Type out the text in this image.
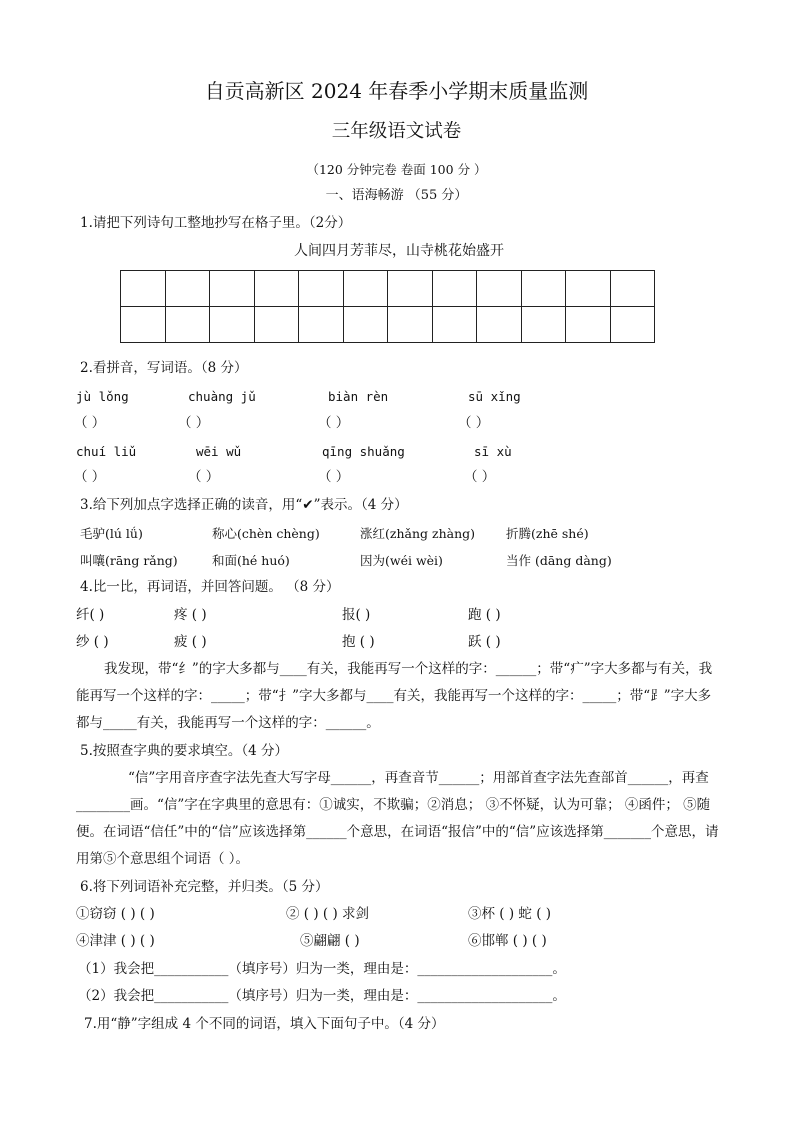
自贡高新区 2024 年春季小学期末质量监测
三年级语文试卷
（120 分钟完卷 卷面 100 分 ）
一、语海畅游 （55 分）
1.请把下列诗句工整地抄写在格子里。（2分）
人间四月芳菲尽，山寺桃花始盛开

2.看拼音，写词语。（8 分）
jù lǒng	chuàng jǔ	biàn rèn	sū xǐng
（ ）	（ ）	（ ）	（ ）
chuí liǔ	wēi wǔ	qīng shuǎng	sī xù
（ ）	（ ）	（ ）	（ ）
3.给下列加点字选择正确的读音，用“✔”表示。（4 分）
毛驴(lú lǘ)	称心(chèn chèng)	涨红(zhǎng zhàng) 折腾(zhē shé)
叫嚷(rāng rǎng)	和面(hé huó)	因为(wéi wèi)	当作 (dāng dàng)
4.比一比，再词语，并回答问题。 （8 分）
纤( )	疼 ( )	报( )	跑 ( )
纱 ( )	疲 ( )	抱 ( )	跃 ( )
我发现，带“纟”的字大多都与____有关，我能再写一个这样的字：______；带“疒”字大多都与有关，我能再写一个这样的字：_____；带“扌”字大多都与____有关，我能再写一个这样的字：_____；带“⻊”字大多都与_____有关，我能再写一个这样的字：______。
5.按照查字典的要求填空。（4 分）
“信”字用音序查字法先查大写字母______，再查音节______；用部首查字法先查部首______，再查________画。“信”字在字典里的意思有：①诚实，不欺骗；②消息； ③不怀疑，认为可靠； ④函件； ⑤随便。在词语“信任”中的“信”应该选择第______个意思，在词语“报信”中的“信”应该选择第_______个意思，请用第⑤个意思组个词语（ ）。
6.将下列词语补充完整，并归类。（5 分）
①窃窃 ( ) ( )	② ( ) ( ) 求剑	③杯 ( ) 蛇 ( )
④津津 ( ) ( )	⑤翩翩 ( )	⑥邯郸 ( ) ( )
（1）我会把___________（填序号）归为一类，理由是：____________________。
（2）我会把___________（填序号）归为一类，理由是：____________________。
7.用“静”字组成 4 个不同的词语，填入下面句子中。（4 分）
